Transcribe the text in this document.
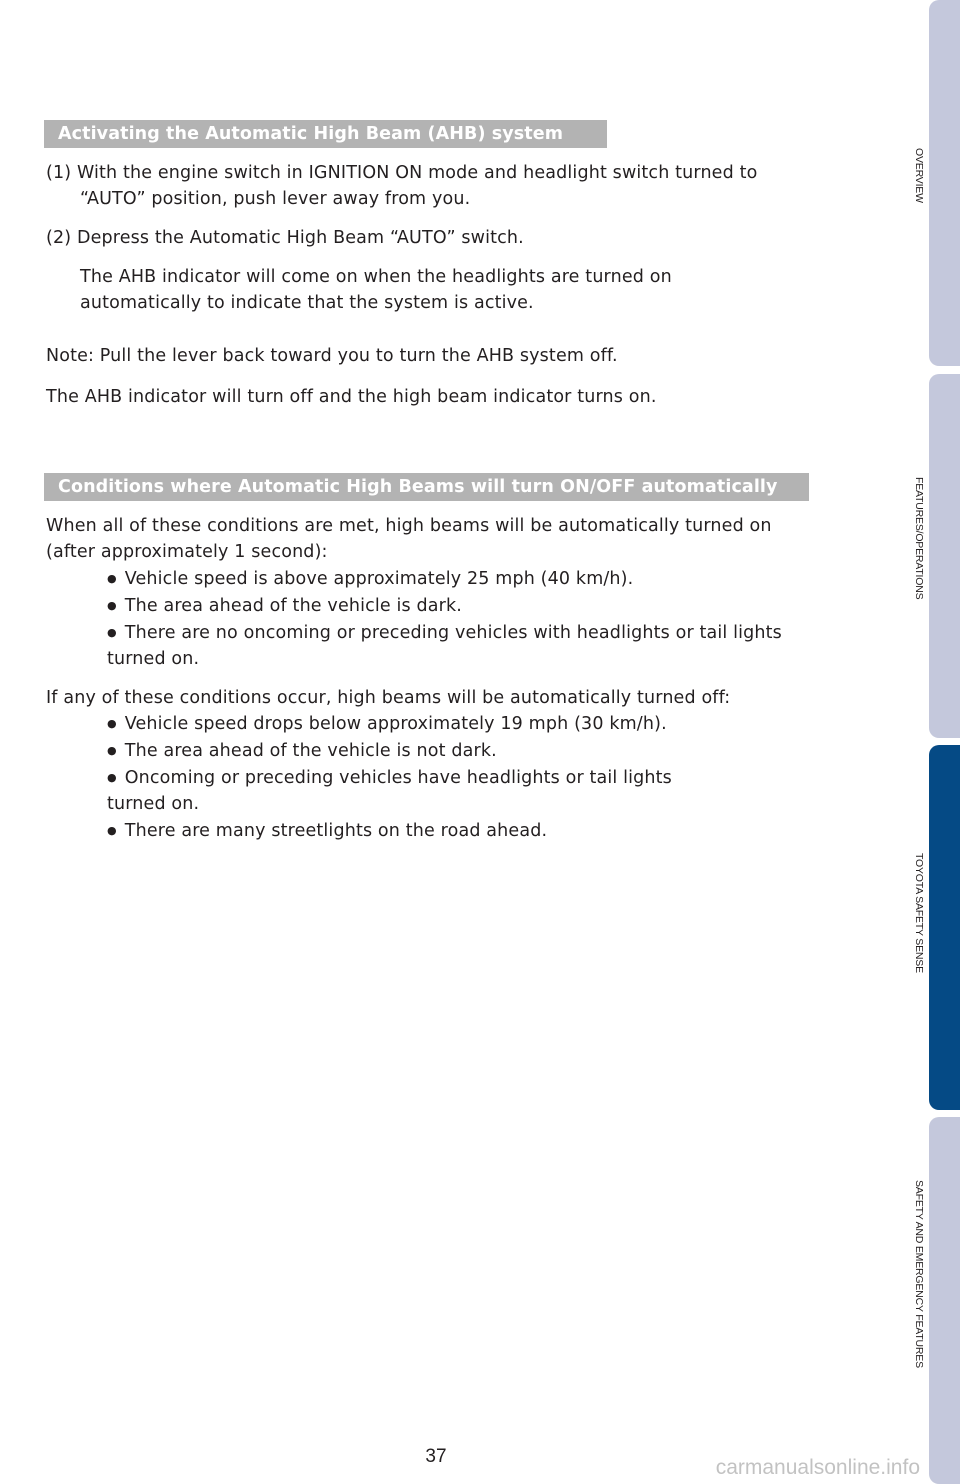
Activating the Automatic High Beam (AHB) system
(1) With the engine switch in IGNITION ON mode and headlight switch turned to
“AUTO” position, push lever away from you.
(2) Depress the Automatic High Beam “AUTO” switch.
The AHB indicator will come on when the headlights are turned on
automatically to indicate that the system is active.
Note: Pull the lever back toward you to turn the AHB system off.
The AHB indicator will turn off and the high beam indicator turns on.
Conditions where Automatic High Beams will turn ON/OFF automatically
When all of these conditions are met, high beams will be automatically turned on
(after approximately 1 second):
● Vehicle speed is above approximately 25 mph (40 km/h).
● The area ahead of the vehicle is dark.
● There are no oncoming or preceding vehicles with headlights or tail lights
turned on.
If any of these conditions occur, high beams will be automatically turned off:
● Vehicle speed drops below approximately 19 mph (30 km/h).
● The area ahead of the vehicle is not dark.
● Oncoming or preceding vehicles have headlights or tail lights
turned on.
● There are many streetlights on the road ahead.
OVERVIEW
FEATURES/OPERATIONS
TOYOTA SAFETY SENSE
SAFETY AND EMERGENCY FEATURES
37	carmanualsonline.info
